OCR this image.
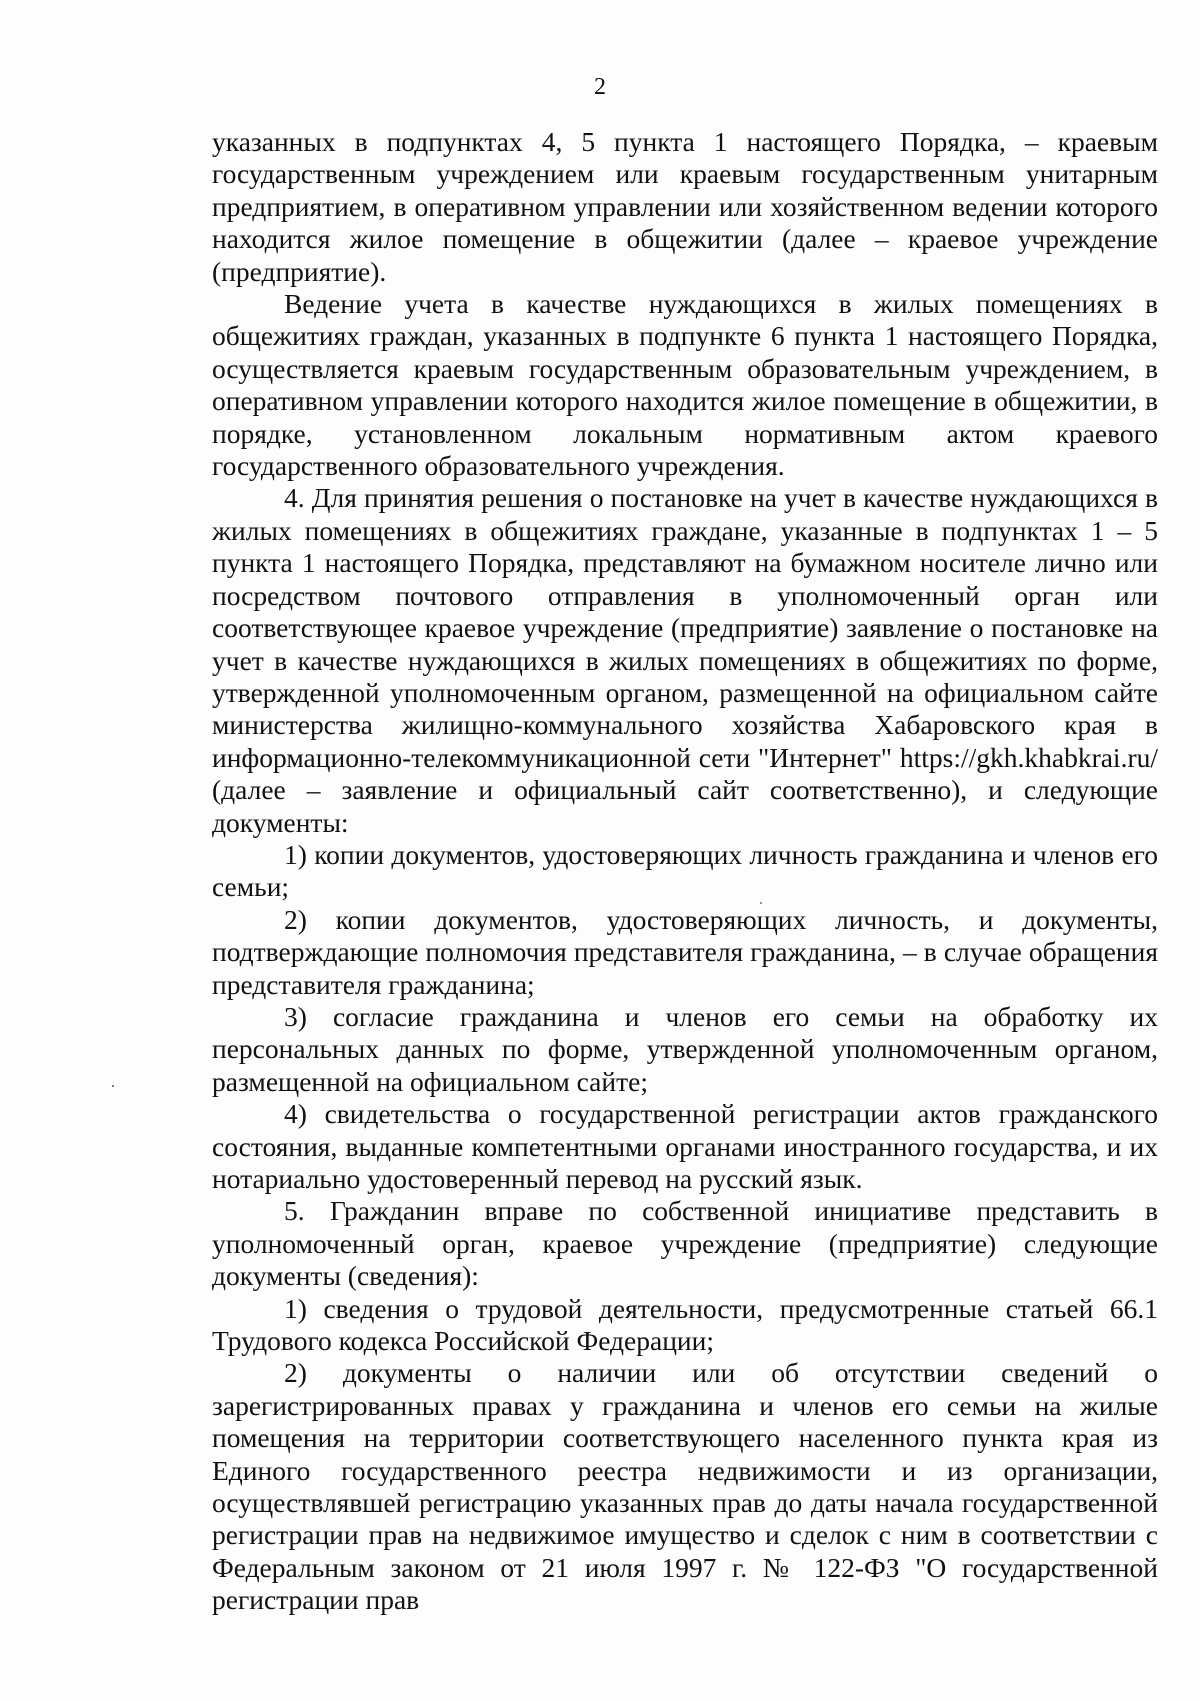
2

указанных в подпунктах 4, 5 пункта 1 настоящего Порядка, – краевым государственным учреждением или краевым государственным унитарным предприятием, в оперативном управлении или хозяйственном ведении которого находится жилое помещение в общежитии (далее – краевое учреждение (предприятие).

Ведение учета в качестве нуждающихся в жилых помещениях в общежитиях граждан, указанных в подпункте 6 пункта 1 настоящего Порядка, осуществляется краевым государственным образовательным учреждением, в оперативном управлении которого находится жилое помещение в общежитии, в порядке, установленном локальным нормативным актом краевого государственного образовательного учреждения.

4. Для принятия решения о постановке на учет в качестве нуждающихся в жилых помещениях в общежитиях граждане, указанные в подпунктах 1 – 5 пункта 1 настоящего Порядка, представляют на бумажном носителе лично или посредством почтового отправления в уполномоченный орган или соответствующее краевое учреждение (предприятие) заявление о постановке на учет в качестве нуждающихся в жилых помещениях в общежитиях по форме, утвержденной уполномоченным органом, размещенной на официальном сайте министерства жилищно-коммунального хозяйства Хабаровского края в информационно-телекоммуникационной сети "Интернет" https://gkh.khabkrai.ru/ (далее – заявление и официальный сайт соответственно), и следующие документы:

1) копии документов, удостоверяющих личность гражданина и членов его семьи;

2) копии документов, удостоверяющих личность, и документы, подтверждающие полномочия представителя гражданина, – в случае обращения представителя гражданина;

3) согласие гражданина и членов его семьи на обработку их персональных данных по форме, утвержденной уполномоченным органом, размещенной на официальном сайте;

4) свидетельства о государственной регистрации актов гражданского состояния, выданные компетентными органами иностранного государства, и их нотариально удостоверенный перевод на русский язык.

5. Гражданин вправе по собственной инициативе представить в уполномоченный орган, краевое учреждение (предприятие) следующие документы (сведения):

1) сведения о трудовой деятельности, предусмотренные статьей 66.1 Трудового кодекса Российской Федерации;

2) документы о наличии или об отсутствии сведений о зарегистрированных правах у гражданина и членов его семьи на жилые помещения на территории соответствующего населенного пункта края из Единого государственного реестра недвижимости и из организации, осуществлявшей регистрацию указанных прав до даты начала государственной регистрации прав на недвижимое имущество и сделок с ним в соответствии с Федеральным законом от 21 июля 1997 г. № 122-ФЗ "О государственной регистрации прав
